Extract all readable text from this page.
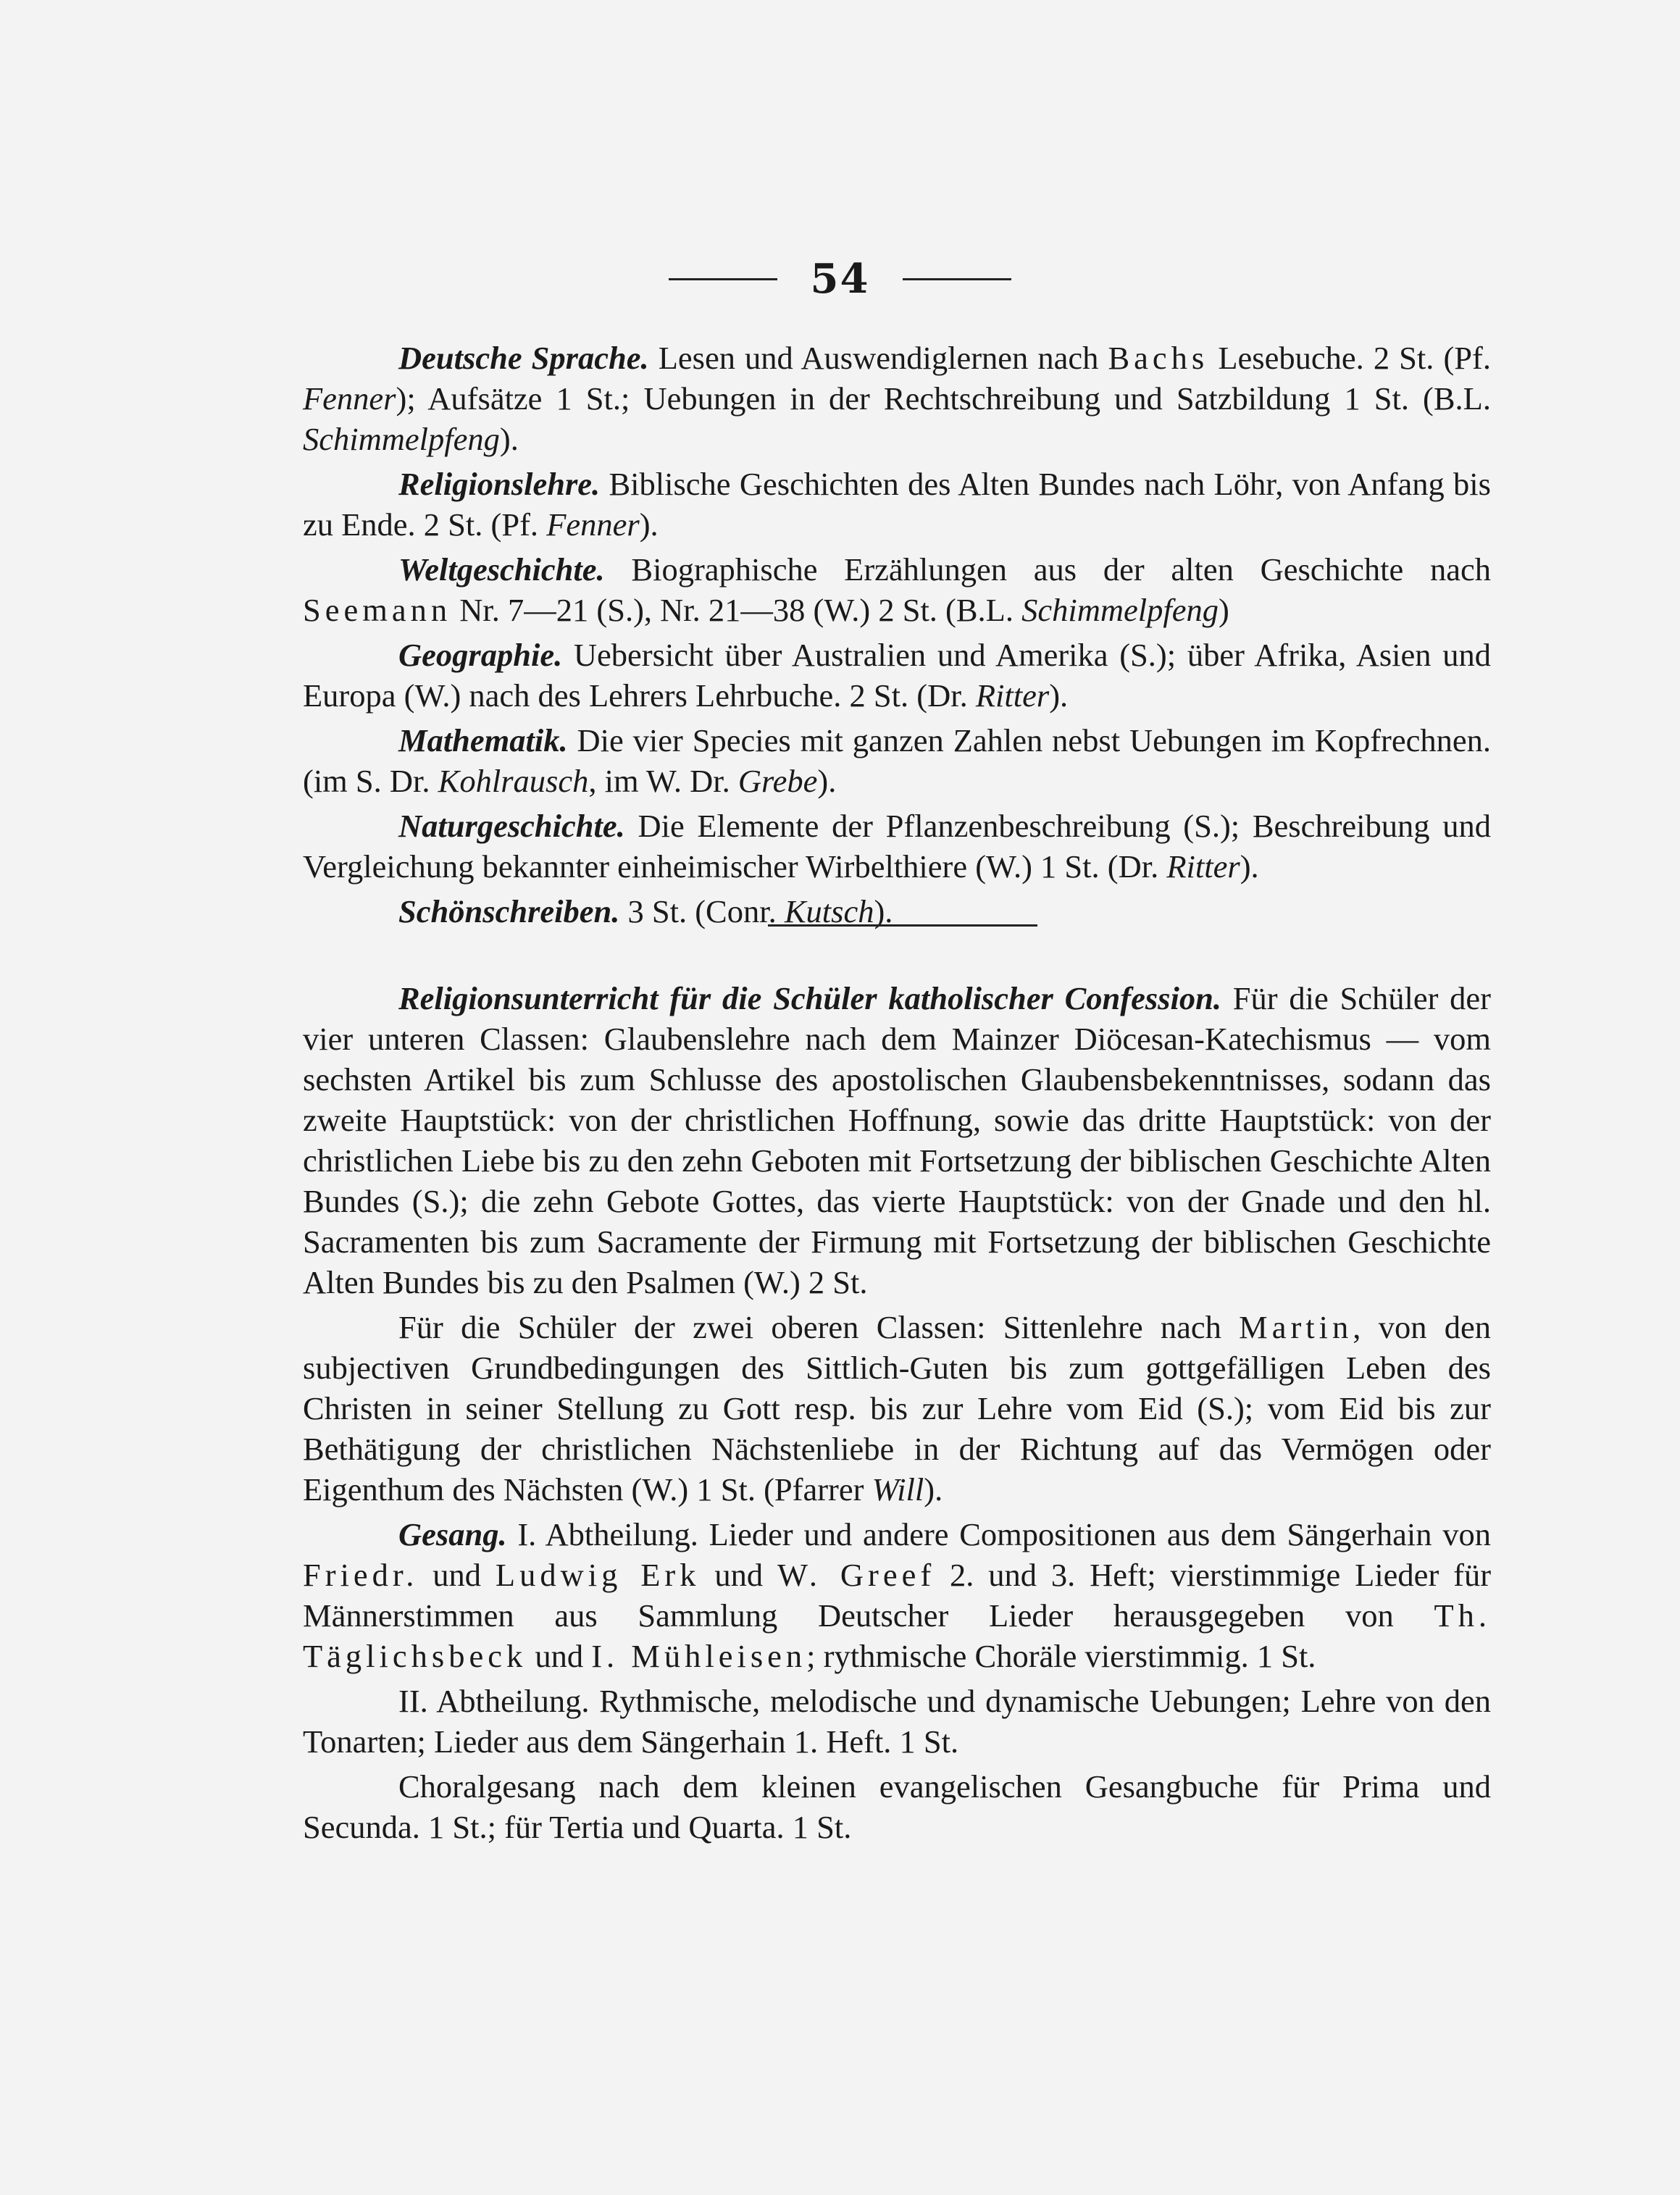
54

Deutsche Sprache. Lesen und Auswendiglernen nach Bachs Lesebuche. 2 St. (Pf. Fenner); Aufsätze 1 St.; Uebungen in der Rechtschreibung und Satzbildung 1 St. (B.L. Schimmelpfeng).

Religionslehre. Biblische Geschichten des Alten Bundes nach Löhr, von Anfang bis zu Ende. 2 St. (Pf. Fenner).

Weltgeschichte. Biographische Erzählungen aus der alten Geschichte nach Seemann Nr. 7—21 (S.), Nr. 21—38 (W.) 2 St. (B.L. Schimmelpfeng)

Geographie. Uebersicht über Australien und Amerika (S.); über Afrika, Asien und Europa (W.) nach des Lehrers Lehrbuche. 2 St. (Dr. Ritter).

Mathematik. Die vier Species mit ganzen Zahlen nebst Uebungen im Kopfrechnen. (im S. Dr. Kohlrausch, im W. Dr. Grebe).

Naturgeschichte. Die Elemente der Pflanzenbeschreibung (S.); Beschreibung und Vergleichung bekannter einheimischer Wirbelthiere (W.) 1 St. (Dr. Ritter).

Schönschreiben. 3 St. (Conr. Kutsch).

Religionsunterricht für die Schüler katholischer Confession. Für die Schüler der vier unteren Classen: Glaubenslehre nach dem Mainzer Diöcesan-Katechismus — vom sechsten Artikel bis zum Schlusse des apostolischen Glaubensbekenntnisses, sodann das zweite Hauptstück: von der christlichen Hoffnung, sowie das dritte Hauptstück: von der christlichen Liebe bis zu den zehn Geboten mit Fortsetzung der biblischen Geschichte Alten Bundes (S.); die zehn Gebote Gottes, das vierte Hauptstück: von der Gnade und den hl. Sacramenten bis zum Sacramente der Firmung mit Fortsetzung der biblischen Geschichte Alten Bundes bis zu den Psalmen (W.) 2 St.

Für die Schüler der zwei oberen Classen: Sittenlehre nach Martin, von den subjectiven Grundbedingungen des Sittlich-Guten bis zum gottgefälligen Leben des Christen in seiner Stellung zu Gott resp. bis zur Lehre vom Eid (S.); vom Eid bis zur Bethätigung der christlichen Nächstenliebe in der Richtung auf das Vermögen oder Eigenthum des Nächsten (W.) 1 St. (Pfarrer Will).

Gesang. I. Abtheilung. Lieder und andere Compositionen aus dem Sängerhain von Friedr. und Ludwig Erk und W. Greef 2. und 3. Heft; vierstimmige Lieder für Männerstimmen aus Sammlung Deutscher Lieder herausgegeben von Th. Täglichsbeck und I. Mühleisen; rythmische Choräle vierstimmig. 1 St.

II. Abtheilung. Rythmische, melodische und dynamische Uebungen; Lehre von den Tonarten; Lieder aus dem Sängerhain 1. Heft. 1 St.

Choralgesang nach dem kleinen evangelischen Gesangbuche für Prima und Secunda. 1 St.; für Tertia und Quarta. 1 St.
